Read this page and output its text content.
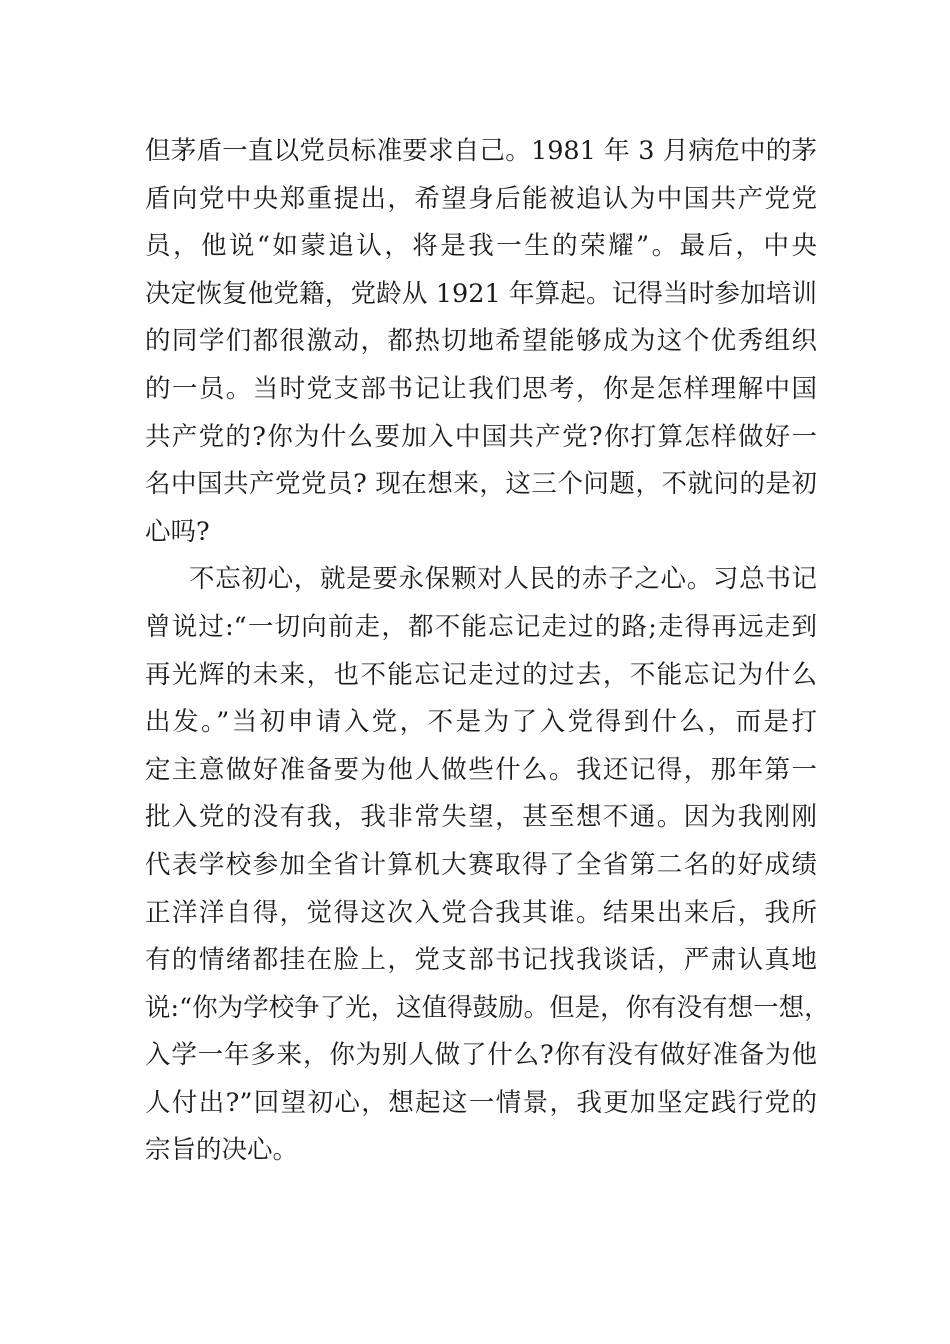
但茅盾一直以党员标准要求自己。1981 年 3 月病危中的茅
盾向党中央郑重提出，希望身后能被追认为中国共产党党
员，他说“如蒙追认，将是我一生的荣耀”。最后，中央
决定恢复他党籍，党龄从 1921 年算起。记得当时参加培训
的同学们都很激动，都热切地希望能够成为这个优秀组织
的一员。当时党支部书记让我们思考，你是怎样理解中国
共产党的?你为什么要加入中国共产党?你打算怎样做好一
名中国共产党党员? 现在想来，这三个问题，不就问的是初
心吗?
不忘初心，就是要永保颗对人民的赤子之心。习总书记
曾说过:“一切向前走，都不能忘记走过的路;走得再远走到
再光辉的未来，也不能忘记走过的过去，不能忘记为什么
出发。”当初申请入党，不是为了入党得到什么，而是打
定主意做好准备要为他人做些什么。我还记得，那年第一
批入党的没有我，我非常失望，甚至想不通。因为我刚刚
代表学校参加全省计算机大赛取得了全省第二名的好成绩
正洋洋自得，觉得这次入党合我其谁。结果出来后，我所
有的情绪都挂在脸上，党支部书记找我谈话，严肃认真地
说:“你为学校争了光，这值得鼓励。但是，你有没有想一想，
入学一年多来，你为别人做了什么?你有没有做好准备为他
人付出?”回望初心，想起这一情景，我更加坚定践行党的
宗旨的决心。
